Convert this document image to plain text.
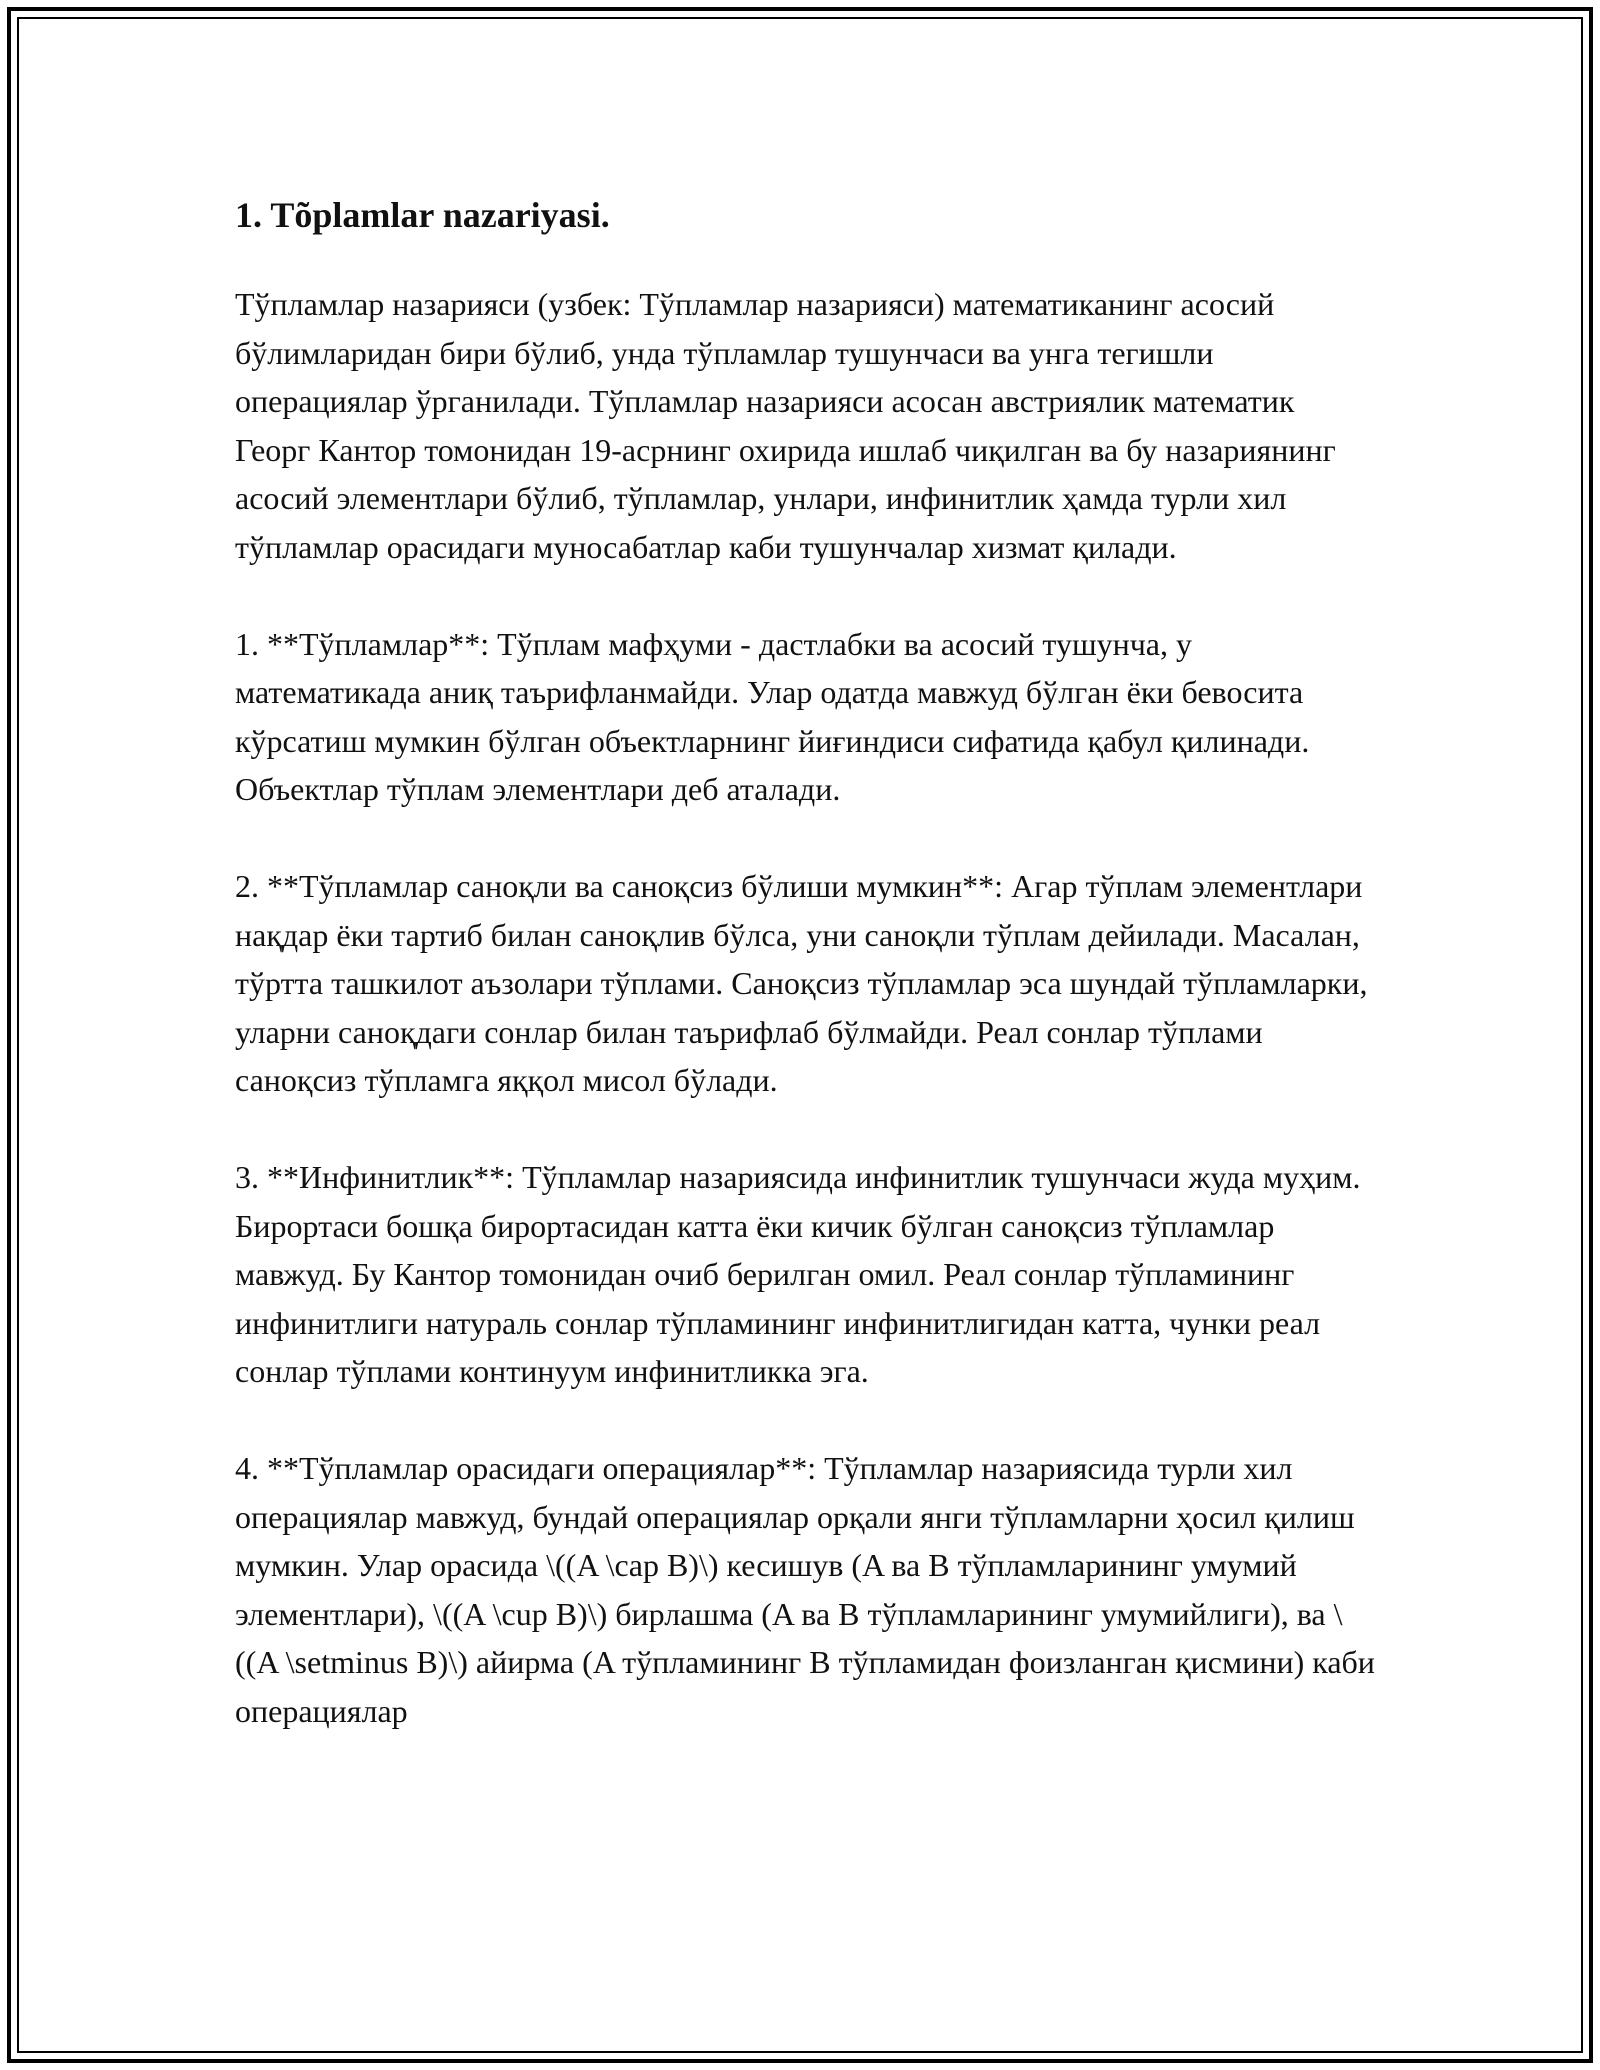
1. Tõplamlar nazariyasi.

Тўпламлар назарияси (узбек: Тўпламлар назарияси) математиканинг асосий бўлимларидан бири бўлиб, унда тўпламлар тушунчаси ва унга тегишли операциялар ўрганилади. Тўпламлар назарияси асосан австриялик математик Георг Кантор томонидан 19-асрнинг охирида ишлаб чиқилган ва бу назариянинг асосий элементлари бўлиб, тўпламлар, унлари, инфинитлик ҳамда турли хил тўпламлар орасидаги муносабатлар каби тушунчалар хизмат қилади.

1. **Тўпламлар**: Тўплам мафҳуми - дастлабки ва асосий тушунча, у математикада аниқ таърифланмайди. Улар одатда мавжуд бўлган ёки бевосита кўрсатиш мумкин бўлган объектларнинг йиғиндиси сифатида қабул қилинади. Объектлар тўплам элементлари деб аталади.

2. **Тўпламлар саноқли ва саноқсиз бўлиши мумкин**: Агар тўплам элементлари нақдар ёки тартиб билан саноқлив бўлса, уни саноқли тўплам дейилади. Масалан, тўртта ташкилот аъзолари тўплами. Саноқсиз тўпламлар эса шундай тўпламларки, уларни саноқдаги сонлар билан таърифлаб бўлмайди. Реал сонлар тўплами саноқсиз тўпламга яққол мисол бўлади.

3. **Инфинитлик**: Тўпламлар назариясида инфинитлик тушунчаси жуда муҳим. Бирортаси бошқа бирортасидан катта ёки кичик бўлган саноқсиз тўпламлар мавжуд. Бу Кантор томонидан очиб берилган омил. Реал сонлар тўпламининг инфинитлиги натураль сонлар тўпламининг инфинитлигидан катта, чунки реал сонлар тўплами континуум инфинитликка эга.

4. **Тўпламлар орасидаги операциялар**: Тўпламлар назариясида турли хил операциялар мавжуд, бундай операциялар орқали янги тўпламларни ҳосил қилиш мумкин. Улар орасида \((A \cap B)\) кесишув (A ва B тўпламларининг умумий элементлари), \((A \cup B)\) бирлашма (A ва B тўпламларининг умумийлиги), ва \((A \setminus B)\) айирма (A тўпламининг B тўпламидан фоизланган қисмини) каби операциялар
